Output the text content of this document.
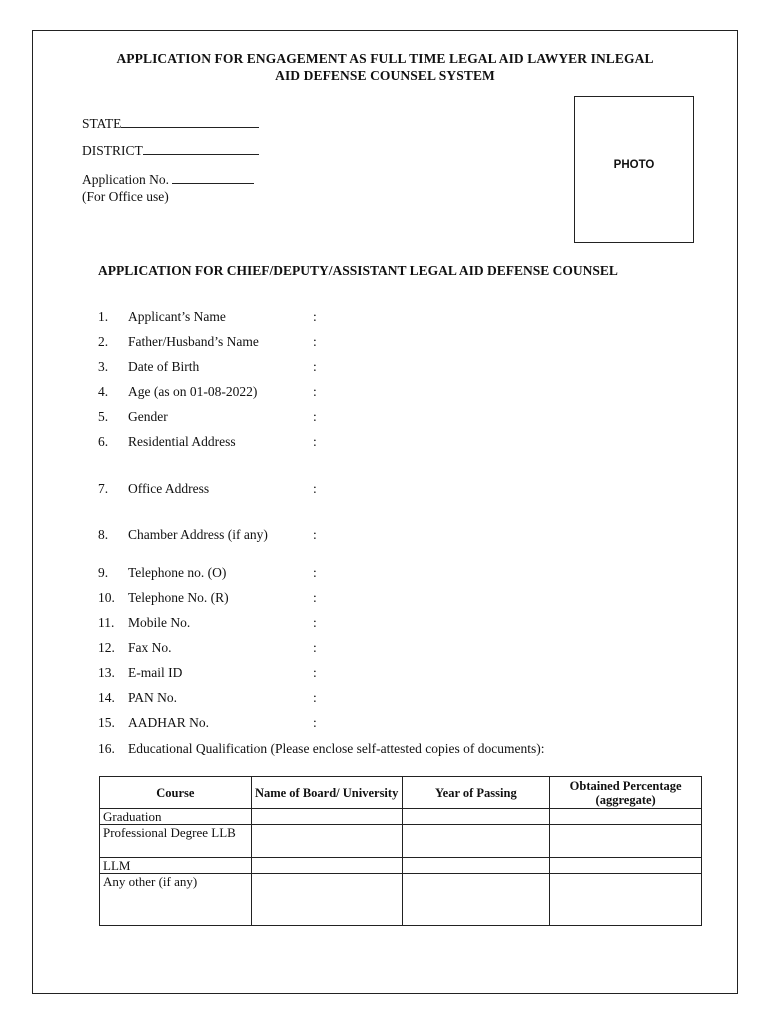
APPLICATION FOR ENGAGEMENT AS FULL TIME LEGAL AID LAWYER INLEGAL
AID DEFENSE COUNSEL SYSTEM
STATE
DISTRICT
Application No.
(For Office use)
PHOTO
APPLICATION FOR CHIEF/DEPUTY/ASSISTANT LEGAL AID DEFENSE COUNSEL
1. Applicant’s Name	:
2. Father/Husband’s Name	:
3. Date of Birth	:
4. Age (as on 01-08-2022)	:
5. Gender	:
6. Residential Address	:
7. Office Address	:
8. Chamber Address (if any)	:
9. Telephone no. (O)	:
10. Telephone No. (R)	:
11. Mobile No.	:
12. Fax No.	:
13. E-mail ID	:
14. PAN No.	:
15. AADHAR No.	:
16. Educational Qualification (Please enclose self-attested copies of documents):
Course	Name of Board/ University	Year of Passing	Obtained Percentage (aggregate)
Graduation			
Professional Degree LLB			
LLM			
Any other (if any)			
